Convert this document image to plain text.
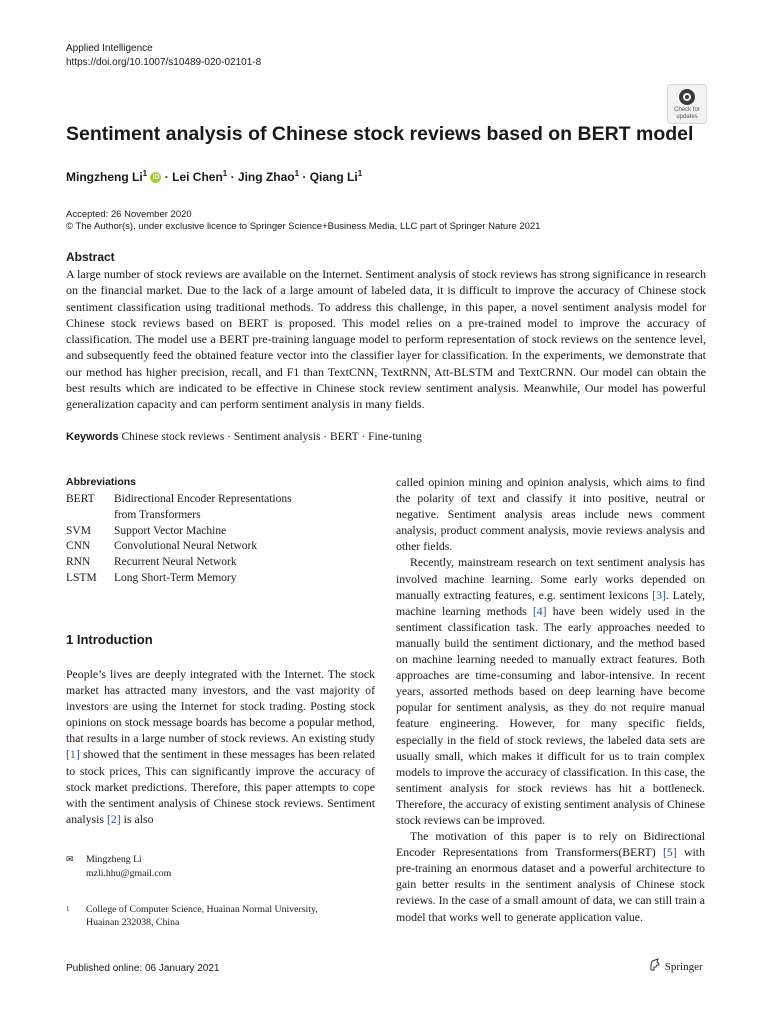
Applied Intelligence
https://doi.org/10.1007/s10489-020-02101-8
Check for updates
Sentiment analysis of Chinese stock reviews based on BERT model
Mingzheng Li$^1$ iD · Lei Chen$^1$ · Jing Zhao$^1$ · Qiang Li$^1$
Accepted: 26 November 2020
© The Author(s), under exclusive licence to Springer Science+Business Media, LLC part of Springer Nature 2021
Abstract
A large number of stock reviews are available on the Internet. Sentiment analysis of stock reviews has strong significance in research on the financial market. Due to the lack of a large amount of labeled data, it is difficult to improve the accuracy of Chinese stock sentiment classification using traditional methods. To address this challenge, in this paper, a novel sentiment analysis model for Chinese stock reviews based on BERT is proposed. This model relies on a pre-trained model to improve the accuracy of classification. The model use a BERT pre-training language model to perform representation of stock reviews on the sentence level, and subsequently feed the obtained feature vector into the classifier layer for classification. In the experiments, we demonstrate that our method has higher precision, recall, and F1 than TextCNN, TextRNN, Att-BLSTM and TextCRNN. Our model can obtain the best results which are indicated to be effective in Chinese stock review sentiment analysis. Meanwhile, Our model has powerful generalization capacity and can perform sentiment analysis in many fields.
Keywords Chinese stock reviews · Sentiment analysis · BERT · Fine-tuning
Abbreviations
BERT	Bidirectional Encoder Representations
from Transformers
SVM	Support Vector Machine
CNN	Convolutional Neural Network
RNN	Recurrent Neural Network
LSTM	Long Short-Term Memory
1 Introduction
People’s lives are deeply integrated with the Internet. The stock market has attracted many investors, and the vast majority of investors are using the Internet for stock trading. Posting stock opinions on stock message boards has become a popular method, that results in a large number of stock reviews. An existing study [1] showed that the sentiment in these messages has been related to stock prices, This can significantly improve the accuracy of stock market predictions. Therefore, this paper attempts to cope with the sentiment analysis of Chinese stock reviews. Sentiment analysis [2] is also

called opinion mining and opinion analysis, which aims to find the polarity of text and classify it into positive, neutral or negative. Sentiment analysis areas include news comment analysis, product comment analysis, movie reviews analysis and other fields.

Recently, mainstream research on text sentiment analysis has involved machine learning. Some early works depended on manually extracting features, e.g. sentiment lexicons [3]. Lately, machine learning methods [4] have been widely used in the sentiment classification task. The early approaches needed to manually build the sentiment dictionary, and the method based on machine learning needed to manually extract features. Both approaches are time-consuming and labor-intensive. In recent years, assorted methods based on deep learning have become popular for sentiment analysis, as they do not require manual feature engineering. However, for many specific fields, especially in the field of stock reviews, the labeled data sets are usually small, which makes it difficult for us to train complex models to improve the accuracy of classification. In this case, the sentiment analysis for stock reviews has hit a bottleneck. Therefore, the accuracy of existing sentiment analysis of Chinese stock reviews can be improved.

The motivation of this paper is to rely on Bidirectional Encoder Representations from Transformers(BERT) [5] with pre-training an enormous dataset and a powerful architecture to gain better results in the sentiment analysis of Chinese stock reviews. In the case of a small amount of data, we can still train a model that works well to generate application value.

✉ Mingzheng Li
mzli.hhu@gmail.com
1 College of Computer Science, Huainan Normal University,
Huainan 232038, China
Published online: 06 January 2021	Springer
